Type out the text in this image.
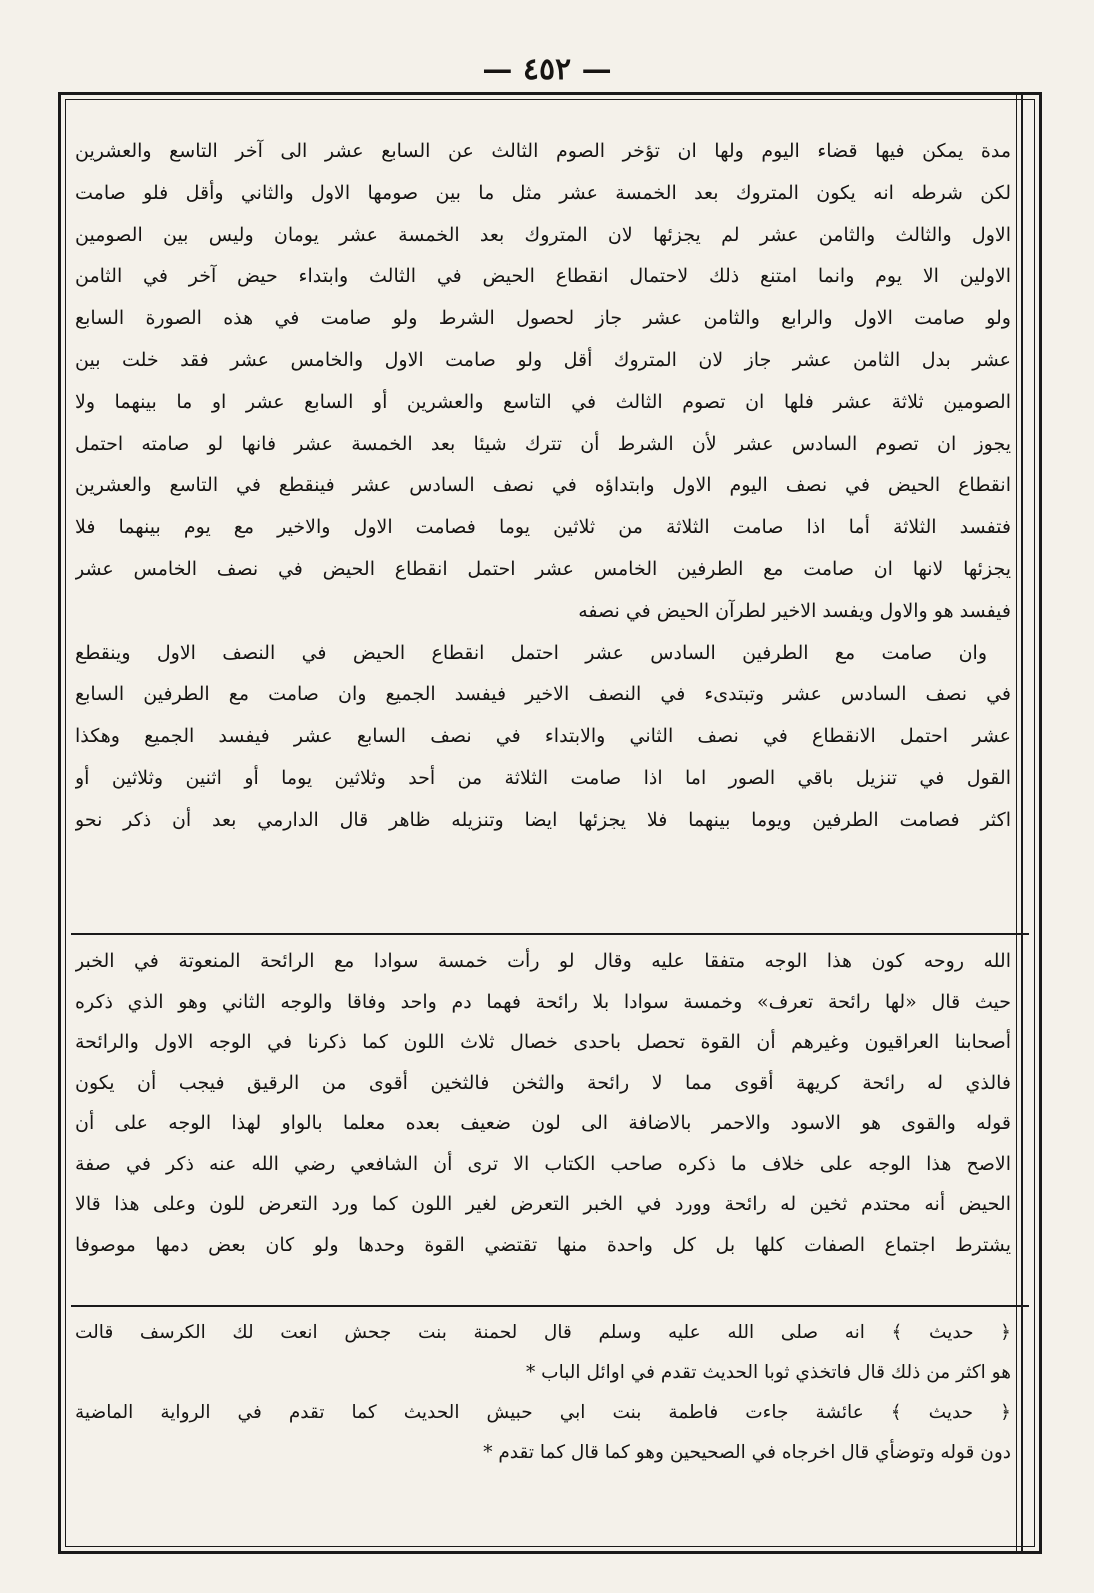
— ٤٥٢ —
مدة يمكن فيها قضاء اليوم ولها ان تؤخر الصوم الثالث عن السابع عشر الى آخر التاسع والعشرين
لكن شرطه انه يكون المتروك بعد الخمسة عشر مثل ما بين صومها الاول والثاني وأقل فلو صامت
الاول والثالث والثامن عشر لم يجزئها لان المتروك بعد الخمسة عشر يومان وليس بين الصومين
الاولين الا يوم وانما امتنع ذلك لاحتمال انقطاع الحيض في الثالث وابتداء حيض آخر في الثامن
ولو صامت الاول والرابع والثامن عشر جاز لحصول الشرط ولو صامت في هذه الصورة السابع
عشر بدل الثامن عشر جاز لان المتروك أقل ولو صامت الاول والخامس عشر فقد خلت بين
الصومين ثلاثة عشر فلها ان تصوم الثالث في التاسع والعشرين أو السابع عشر او ما بينهما ولا
يجوز ان تصوم السادس عشر لأن الشرط أن تترك شيئا بعد الخمسة عشر فانها لو صامته احتمل
انقطاع الحيض في نصف اليوم الاول وابتداؤه في نصف السادس عشر فينقطع في التاسع والعشرين
فتفسد الثلاثة أما اذا صامت الثلاثة من ثلاثين يوما فصامت الاول والاخير مع يوم بينهما فلا
يجزئها لانها ان صامت مع الطرفين الخامس عشر احتمل انقطاع الحيض في نصف الخامس عشر
فيفسد هو والاول ويفسد الاخير لطرآن الحيض في نصفه
وان صامت مع الطرفين السادس عشر احتمل انقطاع الحيض في النصف الاول وينقطع
في نصف السادس عشر وتبتدىء في النصف الاخير فيفسد الجميع وان صامت مع الطرفين السابع
عشر احتمل الانقطاع في نصف الثاني والابتداء في نصف السابع عشر فيفسد الجميع وهكذا
القول في تنزيل باقي الصور اما اذا صامت الثلاثة من أحد وثلاثين يوما أو اثنين وثلاثين أو
اكثر فصامت الطرفين ويوما بينهما فلا يجزئها ايضا وتنزيله ظاهر قال الدارمي بعد أن ذكر نحو
الله روحه كون هذا الوجه متفقا عليه وقال لو رأت خمسة سوادا مع الرائحة المنعوتة في الخبر
حيث قال «لها رائحة تعرف» وخمسة سوادا بلا رائحة فهما دم واحد وفاقا والوجه الثاني وهو الذي ذكره
أصحابنا العراقيون وغيرهم أن القوة تحصل باحدى خصال ثلاث اللون كما ذكرنا في الوجه الاول والرائحة
فالذي له رائحة كريهة أقوى مما لا رائحة والثخن فالثخين أقوى من الرقيق فيجب أن يكون
قوله والقوى هو الاسود والاحمر بالاضافة الى لون ضعيف بعده معلما بالواو لهذا الوجه على أن
الاصح هذا الوجه على خلاف ما ذكره صاحب الكتاب الا ترى أن الشافعي رضي الله عنه ذكر في صفة
الحيض أنه محتدم ثخين له رائحة وورد في الخبر التعرض لغير اللون كما ورد التعرض للون وعلى هذا قالا
يشترط اجتماع الصفات كلها بل كل واحدة منها تقتضي القوة وحدها ولو كان بعض دمها موصوفا
﴿ حديث ﴾ انه صلى الله عليه وسلم قال لحمنة بنت جحش انعت لك الكرسف قالت
هو اكثر من ذلك قال فاتخذي ثوبا الحديث تقدم في اوائل الباب *
﴿ حديث ﴾ عائشة جاءت فاطمة بنت ابي حبيش الحديث كما تقدم في الرواية الماضية
دون قوله وتوضأي قال اخرجاه في الصحيحين وهو كما قال كما تقدم *
